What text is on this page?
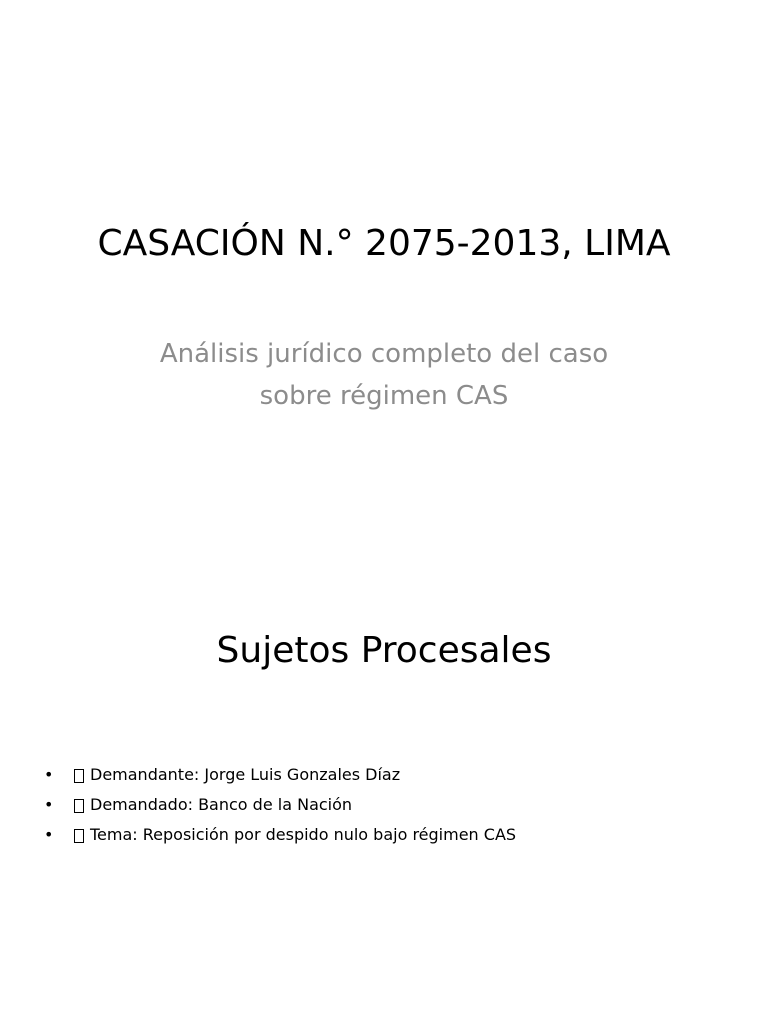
CASACIÓN N.° 2075-2013, LIMA

Análisis jurídico completo del caso sobre régimen CAS

Sujetos Procesales
•	Demandante: Jorge Luis Gonzales Díaz
•	Demandado: Banco de la Nación
•	Tema: Reposición por despido nulo bajo régimen CAS
